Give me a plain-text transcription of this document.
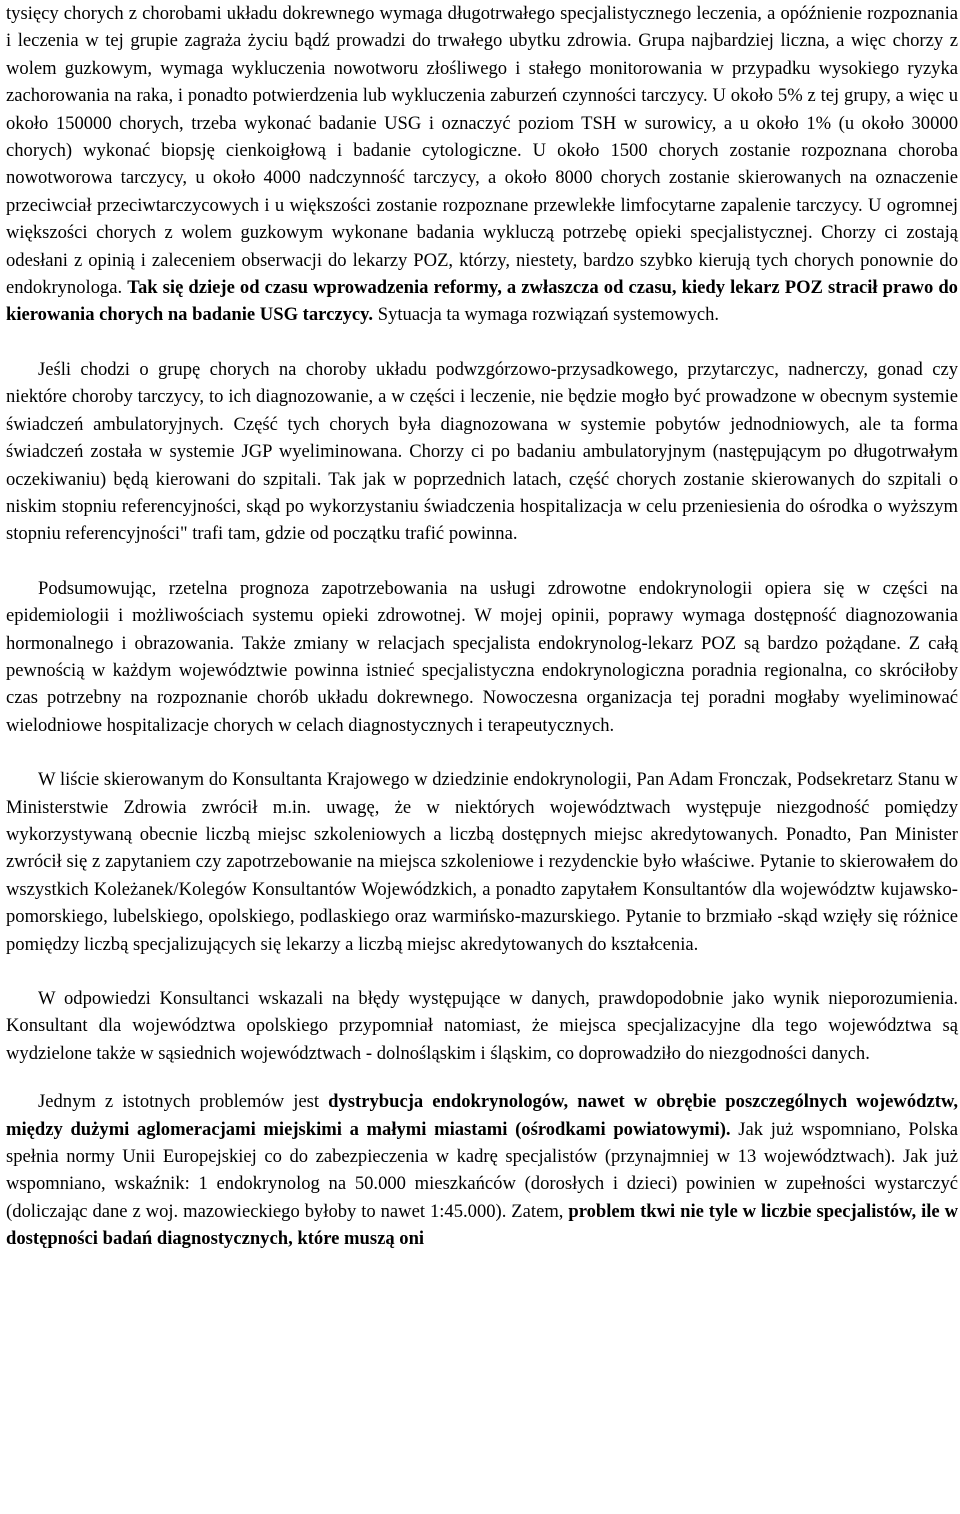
tysięcy chorych z chorobami układu dokrewnego wymaga długotrwałego specjalistycznego leczenia, a opóźnienie rozpoznania i leczenia w tej grupie zagraża życiu bądź prowadzi do trwałego ubytku zdrowia. Grupa najbardziej liczna, a więc chorzy z wolem guzkowym, wymaga wykluczenia nowotworu złośliwego i stałego monitorowania w przypadku wysokiego ryzyka zachorowania na raka, i ponadto potwierdzenia lub wykluczenia zaburzeń czynności tarczycy. U około 5% z tej grupy, a więc u około 150000 chorych, trzeba wykonać badanie USG i oznaczyć poziom TSH w surowicy, a u około 1% (u około 30000 chorych) wykonać biopsję cienkoigłową i badanie cytologiczne. U około 1500 chorych zostanie rozpoznana choroba nowotworowa tarczycy, u około 4000 nadczynność tarczycy, a około 8000 chorych zostanie skierowanych na oznaczenie przeciwciał przeciwtarczycowych i u większości zostanie rozpoznane przewlekłe limfocytarne zapalenie tarczycy. U ogromnej większości chorych z wolem guzkowym wykonane badania wykluczą potrzebę opieki specjalistycznej. Chorzy ci zostają odesłani z opinią i zaleceniem obserwacji do lekarzy POZ, którzy, niestety, bardzo szybko kierują tych chorych ponownie do endokrynologa. Tak się dzieje od czasu wprowadzenia reformy, a zwłaszcza od czasu, kiedy lekarz POZ stracił prawo do kierowania chorych na badanie USG tarczycy. Sytuacja ta wymaga rozwiązań systemowych.

Jeśli chodzi o grupę chorych na choroby układu podwzgórzowo-przysadkowego, przytarczyc, nadnerczy, gonad czy niektóre choroby tarczycy, to ich diagnozowanie, a w części i leczenie, nie będzie mogło być prowadzone w obecnym systemie świadczeń ambulatoryjnych. Część tych chorych była diagnozowana w systemie pobytów jednodniowych, ale ta forma świadczeń została w systemie JGP wyeliminowana. Chorzy ci po badaniu ambulatoryjnym (następującym po długotrwałym oczekiwaniu) będą kierowani do szpitali. Tak jak w poprzednich latach, część chorych zostanie skierowanych do szpitali o niskim stopniu referencyjności, skąd po wykorzystaniu świadczenia hospitalizacja w celu przeniesienia do ośrodka o wyższym stopniu referencyjności" trafi tam, gdzie od początku trafić powinna.

Podsumowując, rzetelna prognoza zapotrzebowania na usługi zdrowotne endokrynologii opiera się w części na epidemiologii i możliwościach systemu opieki zdrowotnej. W mojej opinii, poprawy wymaga dostępność diagnozowania hormonalnego i obrazowania. Także zmiany w relacjach specjalista endokrynolog-lekarz POZ są bardzo pożądane. Z całą pewnością w każdym województwie powinna istnieć specjalistyczna endokrynologiczna poradnia regionalna, co skróciłoby czas potrzebny na rozpoznanie chorób układu dokrewnego. Nowoczesna organizacja tej poradni mogłaby wyeliminować wielodniowe hospitalizacje chorych w celach diagnostycznych i terapeutycznych.

W liście skierowanym do Konsultanta Krajowego w dziedzinie endokrynologii, Pan Adam Fronczak, Podsekretarz Stanu w Ministerstwie Zdrowia zwrócił m.in. uwagę, że w niektórych województwach występuje niezgodność pomiędzy wykorzystywaną obecnie liczbą miejsc szkoleniowych a liczbą dostępnych miejsc akredytowanych. Ponadto, Pan Minister zwrócił się z zapytaniem czy zapotrzebowanie na miejsca szkoleniowe i rezydenckie było właściwe. Pytanie to skierowałem do wszystkich Koleżanek/Kolegów Konsultantów Wojewódzkich, a ponadto zapytałem Konsultantów dla województw kujawsko-pomorskiego, lubelskiego, opolskiego, podlaskiego oraz warmińsko-mazurskiego. Pytanie to brzmiało -skąd wzięły się różnice pomiędzy liczbą specjalizujących się lekarzy a liczbą miejsc akredytowanych do kształcenia.

W odpowiedzi Konsultanci wskazali na błędy występujące w danych, prawdopodobnie jako wynik nieporozumienia. Konsultant dla województwa opolskiego przypomniał natomiast, że miejsca specjalizacyjne dla tego województwa są wydzielone także w sąsiednich województwach - dolnośląskim i śląskim, co doprowadziło do niezgodności danych.

Jednym z istotnych problemów jest dystrybucja endokrynologów, nawet w obrębie poszczególnych województw, między dużymi aglomeracjami miejskimi a małymi miastami (ośrodkami powiatowymi). Jak już wspomniano, Polska spełnia normy Unii Europejskiej co do zabezpieczenia w kadrę specjalistów (przynajmniej w 13 województwach). Jak już wspomniano, wskaźnik: 1 endokrynolog na 50.000 mieszkańców (dorosłych i dzieci) powinien w zupełności wystarczyć (doliczając dane z woj. mazowieckiego byłoby to nawet 1:45.000). Zatem, problem tkwi nie tyle w liczbie specjalistów, ile w dostępności badań diagnostycznych, które muszą oni
